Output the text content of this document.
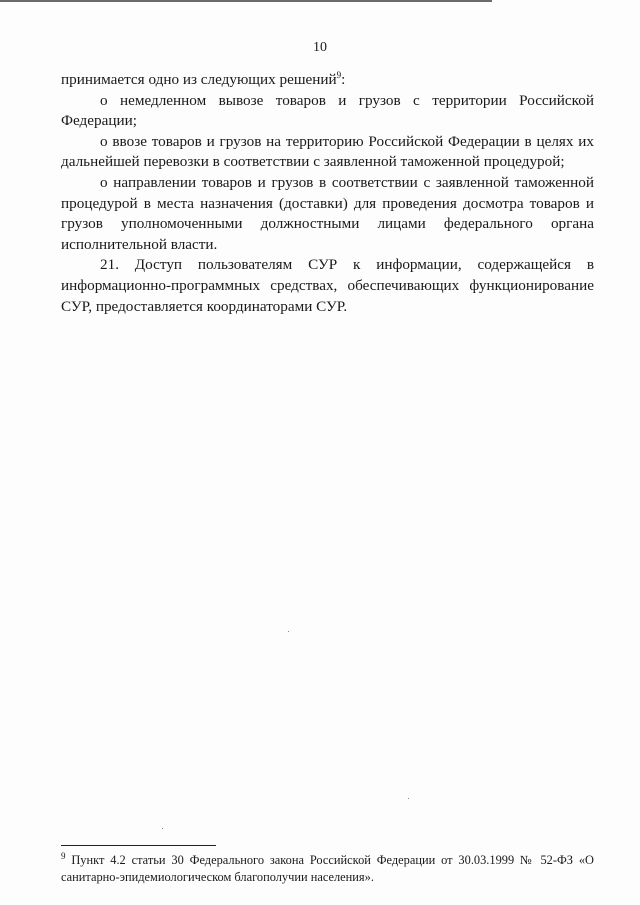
10

принимается одно из следующих решений$^9$:

о немедленном вывозе товаров и грузов с территории Российской Федерации;

о ввозе товаров и грузов на территорию Российской Федерации в целях их дальнейшей перевозки в соответствии с заявленной таможенной процедурой;

о направлении товаров и грузов в соответствии с заявленной таможенной процедурой в места назначения (доставки) для проведения досмотра товаров и грузов уполномоченными должностными лицами федерального органа исполнительной власти.

21. Доступ пользователям СУР к информации, содержащейся в информационно-программных средствах, обеспечивающих функционирование СУР, предоставляется координаторами СУР.

$^9$ Пункт 4.2 статьи 30 Федерального закона Российской Федерации от 30.03.1999 № 52-ФЗ «О санитарно-эпидемиологическом благополучии населения».
